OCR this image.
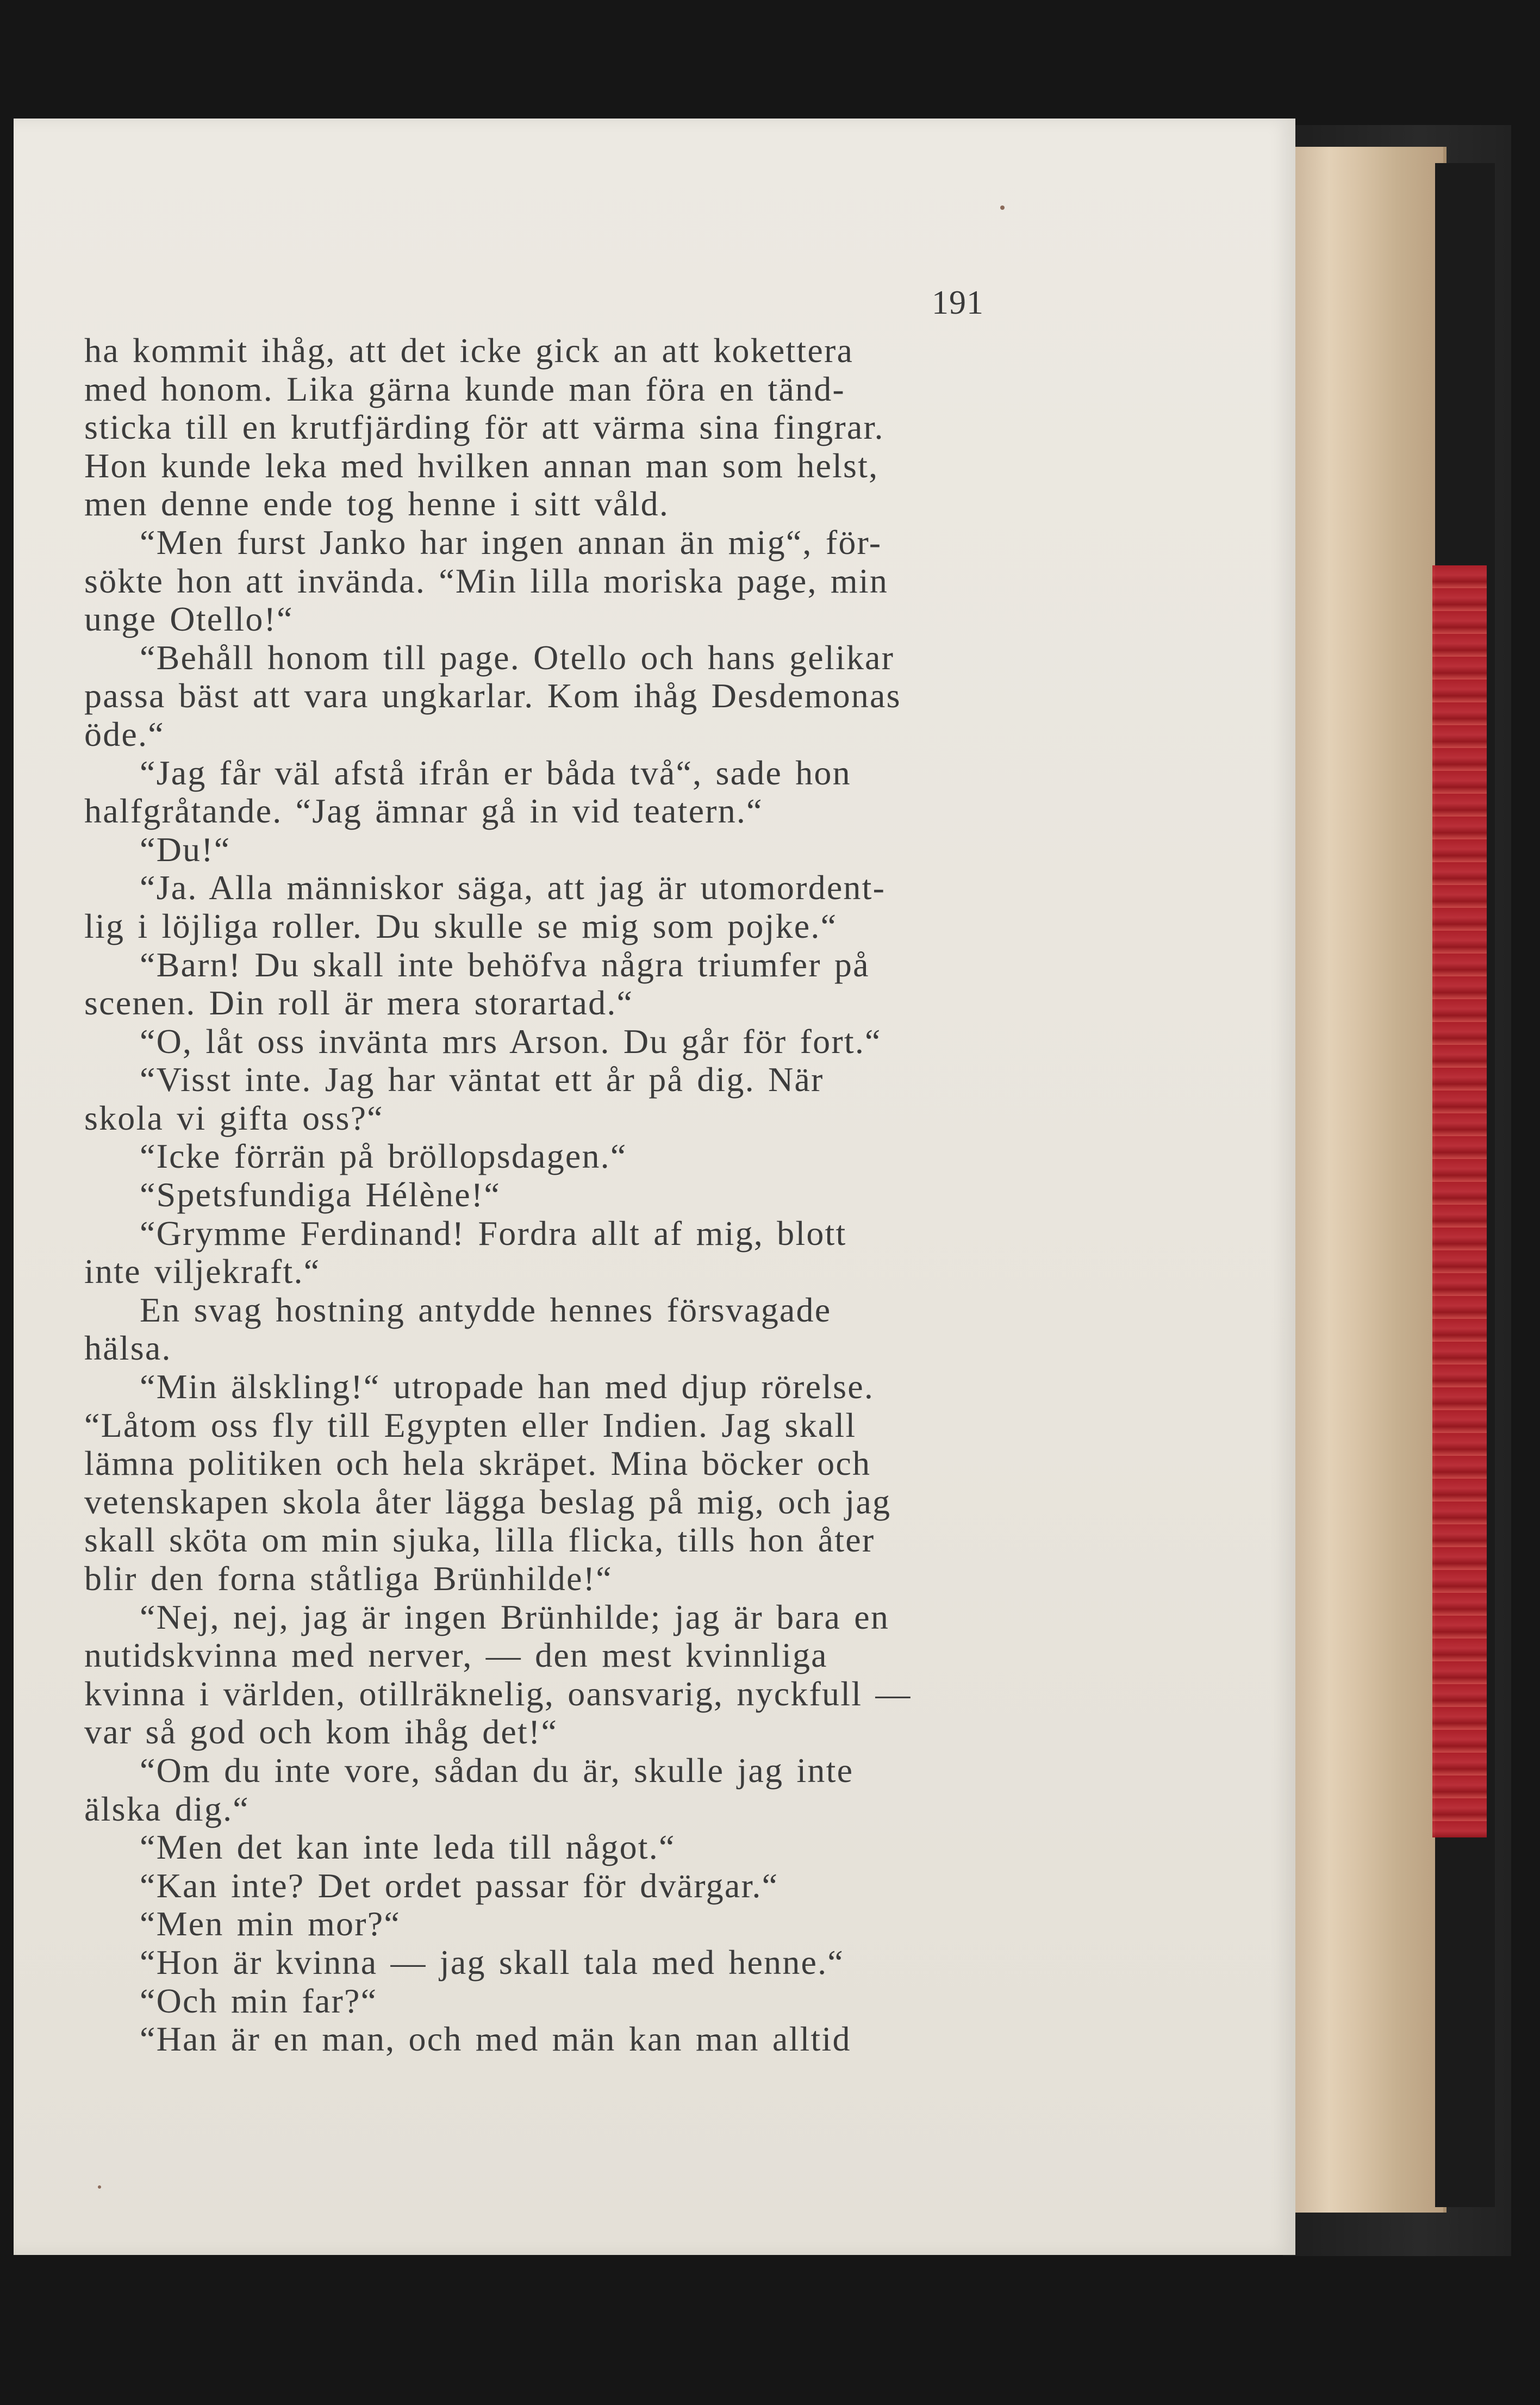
191
ha kommit ihåg, att det icke gick an att kokettera
med honom. Lika gärna kunde man föra en tänd-
sticka till en krutfjärding för att värma sina fingrar.
Hon kunde leka med hvilken annan man som helst,
men denne ende tog henne i sitt våld.
“Men furst Janko har ingen annan än mig“, för-
sökte hon att invända. “Min lilla moriska page, min
unge Otello!“
“Behåll honom till page. Otello och hans gelikar
passa bäst att vara ungkarlar. Kom ihåg Desdemonas
öde.“
“Jag får väl afstå ifrån er båda två“, sade hon
halfgråtande. “Jag ämnar gå in vid teatern.“
“Du!“
“Ja. Alla människor säga, att jag är utomordent-
lig i löjliga roller. Du skulle se mig som pojke.“
“Barn! Du skall inte behöfva några triumfer på
scenen. Din roll är mera storartad.“
“O, låt oss invänta mrs Arson. Du går för fort.“
“Visst inte. Jag har väntat ett år på dig. När
skola vi gifta oss?“
“Icke förrän på bröllopsdagen.“
“Spetsfundiga Hélène!“
“Grymme Ferdinand! Fordra allt af mig, blott
inte viljekraft.“
En svag hostning antydde hennes försvagade
hälsa.
“Min älskling!“ utropade han med djup rörelse.
“Låtom oss fly till Egypten eller Indien. Jag skall
lämna politiken och hela skräpet. Mina böcker och
vetenskapen skola åter lägga beslag på mig, och jag
skall sköta om min sjuka, lilla flicka, tills hon åter
blir den forna ståtliga Brünhilde!“
“Nej, nej, jag är ingen Brünhilde; jag är bara en
nutidskvinna med nerver, — den mest kvinnliga
kvinna i världen, otillräknelig, oansvarig, nyckfull —
var så god och kom ihåg det!“
“Om du inte vore, sådan du är, skulle jag inte
älska dig.“
“Men det kan inte leda till något.“
“Kan inte? Det ordet passar för dvärgar.“
“Men min mor?“
“Hon är kvinna — jag skall tala med henne.“
“Och min far?“
“Han är en man, och med män kan man alltid
